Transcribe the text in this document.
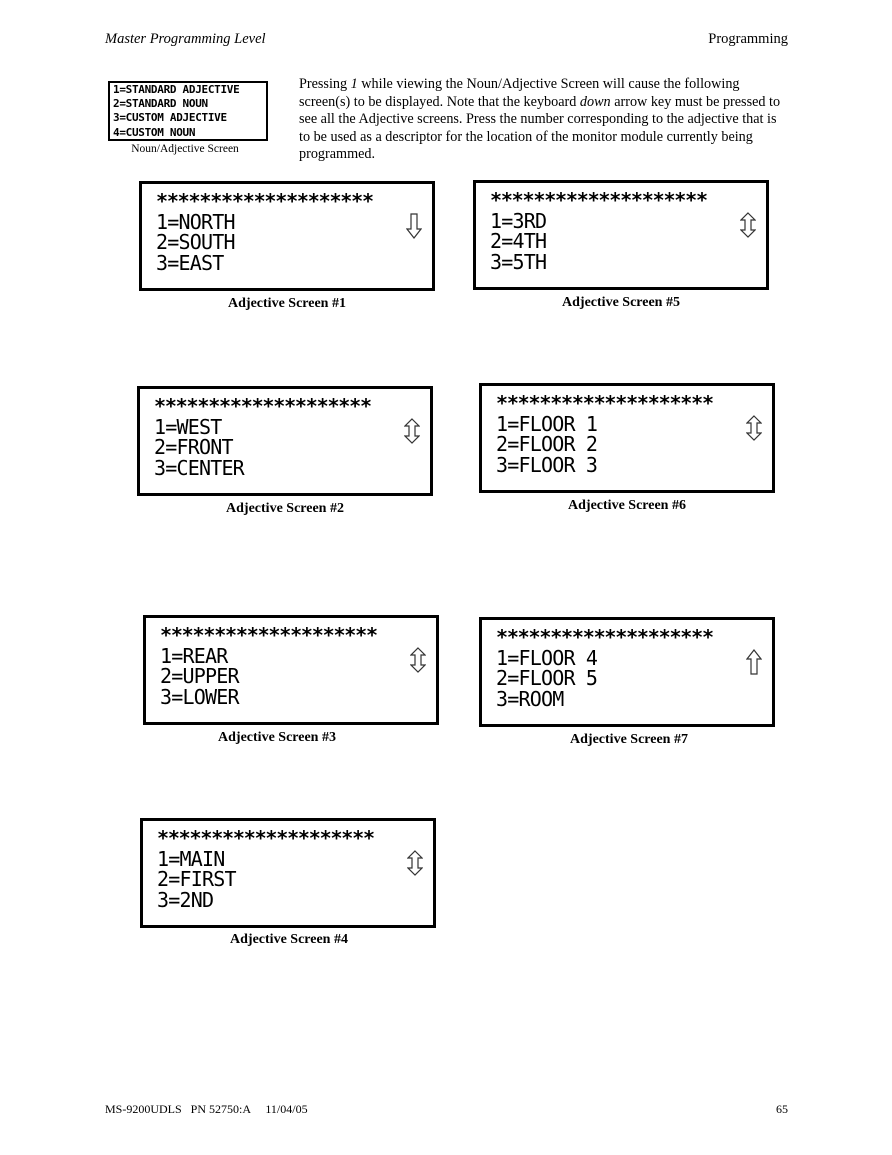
Master Programming Level	Programming
1=STANDARD ADJECTIVE
2=STANDARD NOUN
3=CUSTOM ADJECTIVE
4=CUSTOM NOUN
Noun/Adjective Screen
Pressing 1 while viewing the Noun/Adjective Screen will cause the following screen(s) to be displayed. Note that the keyboard down arrow key must be pressed to see all the Adjective screens. Press the number corresponding to the adjective that is to be used as a descriptor for the location of the monitor module currently being programmed.
********************
1=NORTH
2=SOUTH
3=EAST
Adjective Screen #1
********************
1=3RD
2=4TH
3=5TH
Adjective Screen #5
********************
1=WEST
2=FRONT
3=CENTER
Adjective Screen #2
********************
1=FLOOR 1
2=FLOOR 2
3=FLOOR 3
Adjective Screen #6
********************
1=REAR
2=UPPER
3=LOWER
Adjective Screen #3
********************
1=FLOOR 4
2=FLOOR 5
3=ROOM
Adjective Screen #7
********************
1=MAIN
2=FIRST
3=2ND
Adjective Screen #4
MS-9200UDLS   PN 52750:A     11/04/05	65
